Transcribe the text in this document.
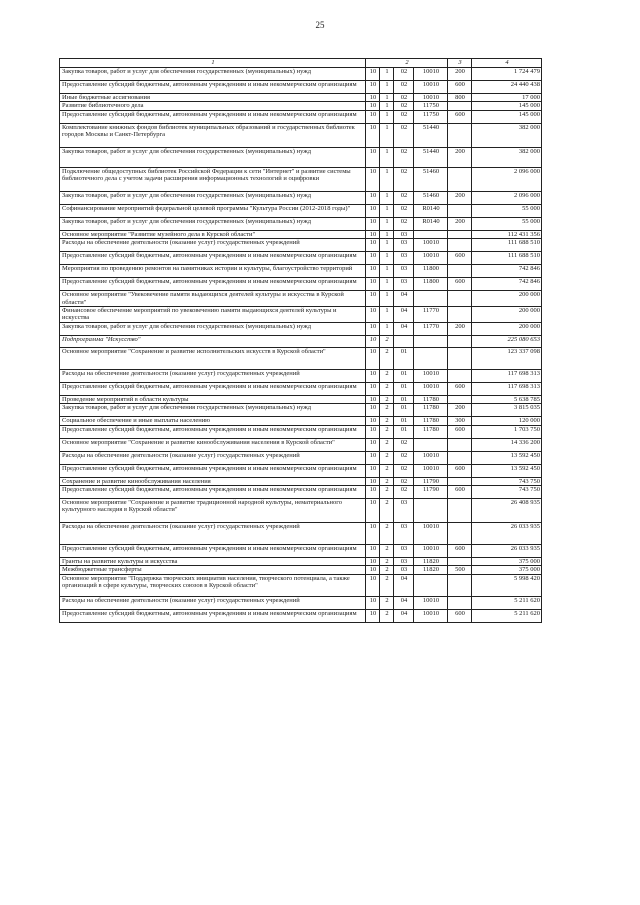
25
1	2				3	4
Закупка товаров, работ и услуг для обеспечения государственных (муниципальных) нужд	10	1	02	10010	200	1 724 479
Предоставление субсидий бюджетным, автономным учреждениям и иным некоммерческим организациям	10	1	02	10010	600	24 440 438
Иные бюджетные ассигнования	10	1	02	10010	800	17 000
Развитие библиотечного дела	10	1	02	11750		145 000
Предоставление субсидий бюджетным, автономным учреждениям и иным некоммерческим организациям	10	1	02	11750	600	145 000
Комплектование книжных фондов библиотек муниципальных образований и государственных библиотек городов Москвы и Санкт-Петербурга	10	1	02	51440		382 000
Закупка товаров, работ и услуг для обеспечения государственных (муниципальных) нужд	10	1	02	51440	200	382 000
Подключение общедоступных библиотек Российской Федерации к сети "Интернет" и развитие системы библиотечного дела с учетом задачи расширения информационных технологий и оцифровки	10	1	02	51460		2 096 000
Закупка товаров, работ и услуг для обеспечения государственных (муниципальных) нужд	10	1	02	51460	200	2 096 000
Софинансирование мероприятий федеральной целевой программы "Культура России (2012-2018 годы)"	10	1	02	R0140		55 000
Закупка товаров, работ и услуг для обеспечения государственных (муниципальных) нужд	10	1	02	R0140	200	55 000
Основное мероприятие "Развитие музейного дела в Курской области"	10	1	03			112 431 356
Расходы на обеспечение деятельности (оказание услуг) государственных учреждений	10	1	03	10010		111 688 510
Предоставление субсидий бюджетным, автономным учреждениям и иным некоммерческим организациям	10	1	03	10010	600	111 688 510
Мероприятия по проведению ремонтов на памятниках истории и культуры, благоустройство территорий	10	1	03	11800		742 846
Предоставление субсидий бюджетным, автономным учреждениям и иным некоммерческим организациям	10	1	03	11800	600	742 846
Основное мероприятие "Увековечение памяти выдающихся деятелей культуры и искусства в Курской области"	10	1	04			200 000
Финансовое обеспечение мероприятий по увековечению памяти выдающихся деятелей культуры и искусства	10	1	04	11770		200 000
Закупка товаров, работ и услуг для обеспечения государственных (муниципальных) нужд	10	1	04	11770	200	200 000
Подпрограмма "Искусство"	10	2				225 080 653
Основное мероприятие "Сохранение и развитие исполнительских искусств в Курской области"	10	2	01			123 337 098
Расходы на обеспечение деятельности (оказание услуг) государственных учреждений	10	2	01	10010		117 698 313
Предоставление субсидий бюджетным, автономным учреждениям и иным некоммерческим организациям	10	2	01	10010	600	117 698 313
Проведение мероприятий в области культуры	10	2	01	11780		5 638 785
Закупка товаров, работ и услуг для обеспечения государственных (муниципальных) нужд	10	2	01	11780	200	3 815 035
Социальное обеспечение и иные выплаты населению	10	2	01	11780	300	120 000
Предоставление субсидий бюджетным, автономным учреждениям и иным некоммерческим организациям	10	2	01	11780	600	1 703 750
Основное мероприятие "Сохранение и развитие кинообслуживания населения в Курской области"	10	2	02			14 336 200
Расходы на обеспечение деятельности (оказание услуг) государственных учреждений	10	2	02	10010		13 592 450
Предоставление субсидий бюджетным, автономным учреждениям и иным некоммерческим организациям	10	2	02	10010	600	13 592 450
Сохранение и развитие кинообслуживания населения	10	2	02	11790		743 750
Предоставление субсидий бюджетным, автономным учреждениям и иным некоммерческим организациям	10	2	02	11790	600	743 750
Основное мероприятие "Сохранение и развитие традиционной народной культуры, нематериального культурного наследия в Курской области"	10	2	03			26 408 935
Расходы на обеспечение деятельности (оказание услуг) государственных учреждений	10	2	03	10010		26 033 935
Предоставление субсидий бюджетным, автономным учреждениям и иным некоммерческим организациям	10	2	03	10010	600	26 033 935
Гранты на развитие культуры и искусства	10	2	03	11820		375 000
Межбюджетные трансферты	10	2	03	11820	500	375 000
Основное мероприятие "Поддержка творческих инициатив населения, творческого потенциала, а также организаций в сфере культуры, творческих союзов в Курской области"	10	2	04			5 998 420
Расходы на обеспечение деятельности (оказание услуг) государственных учреждений	10	2	04	10010		5 211 620
Предоставление субсидий бюджетным, автономным учреждениям и иным некоммерческим организациям	10	2	04	10010	600	5 211 620
